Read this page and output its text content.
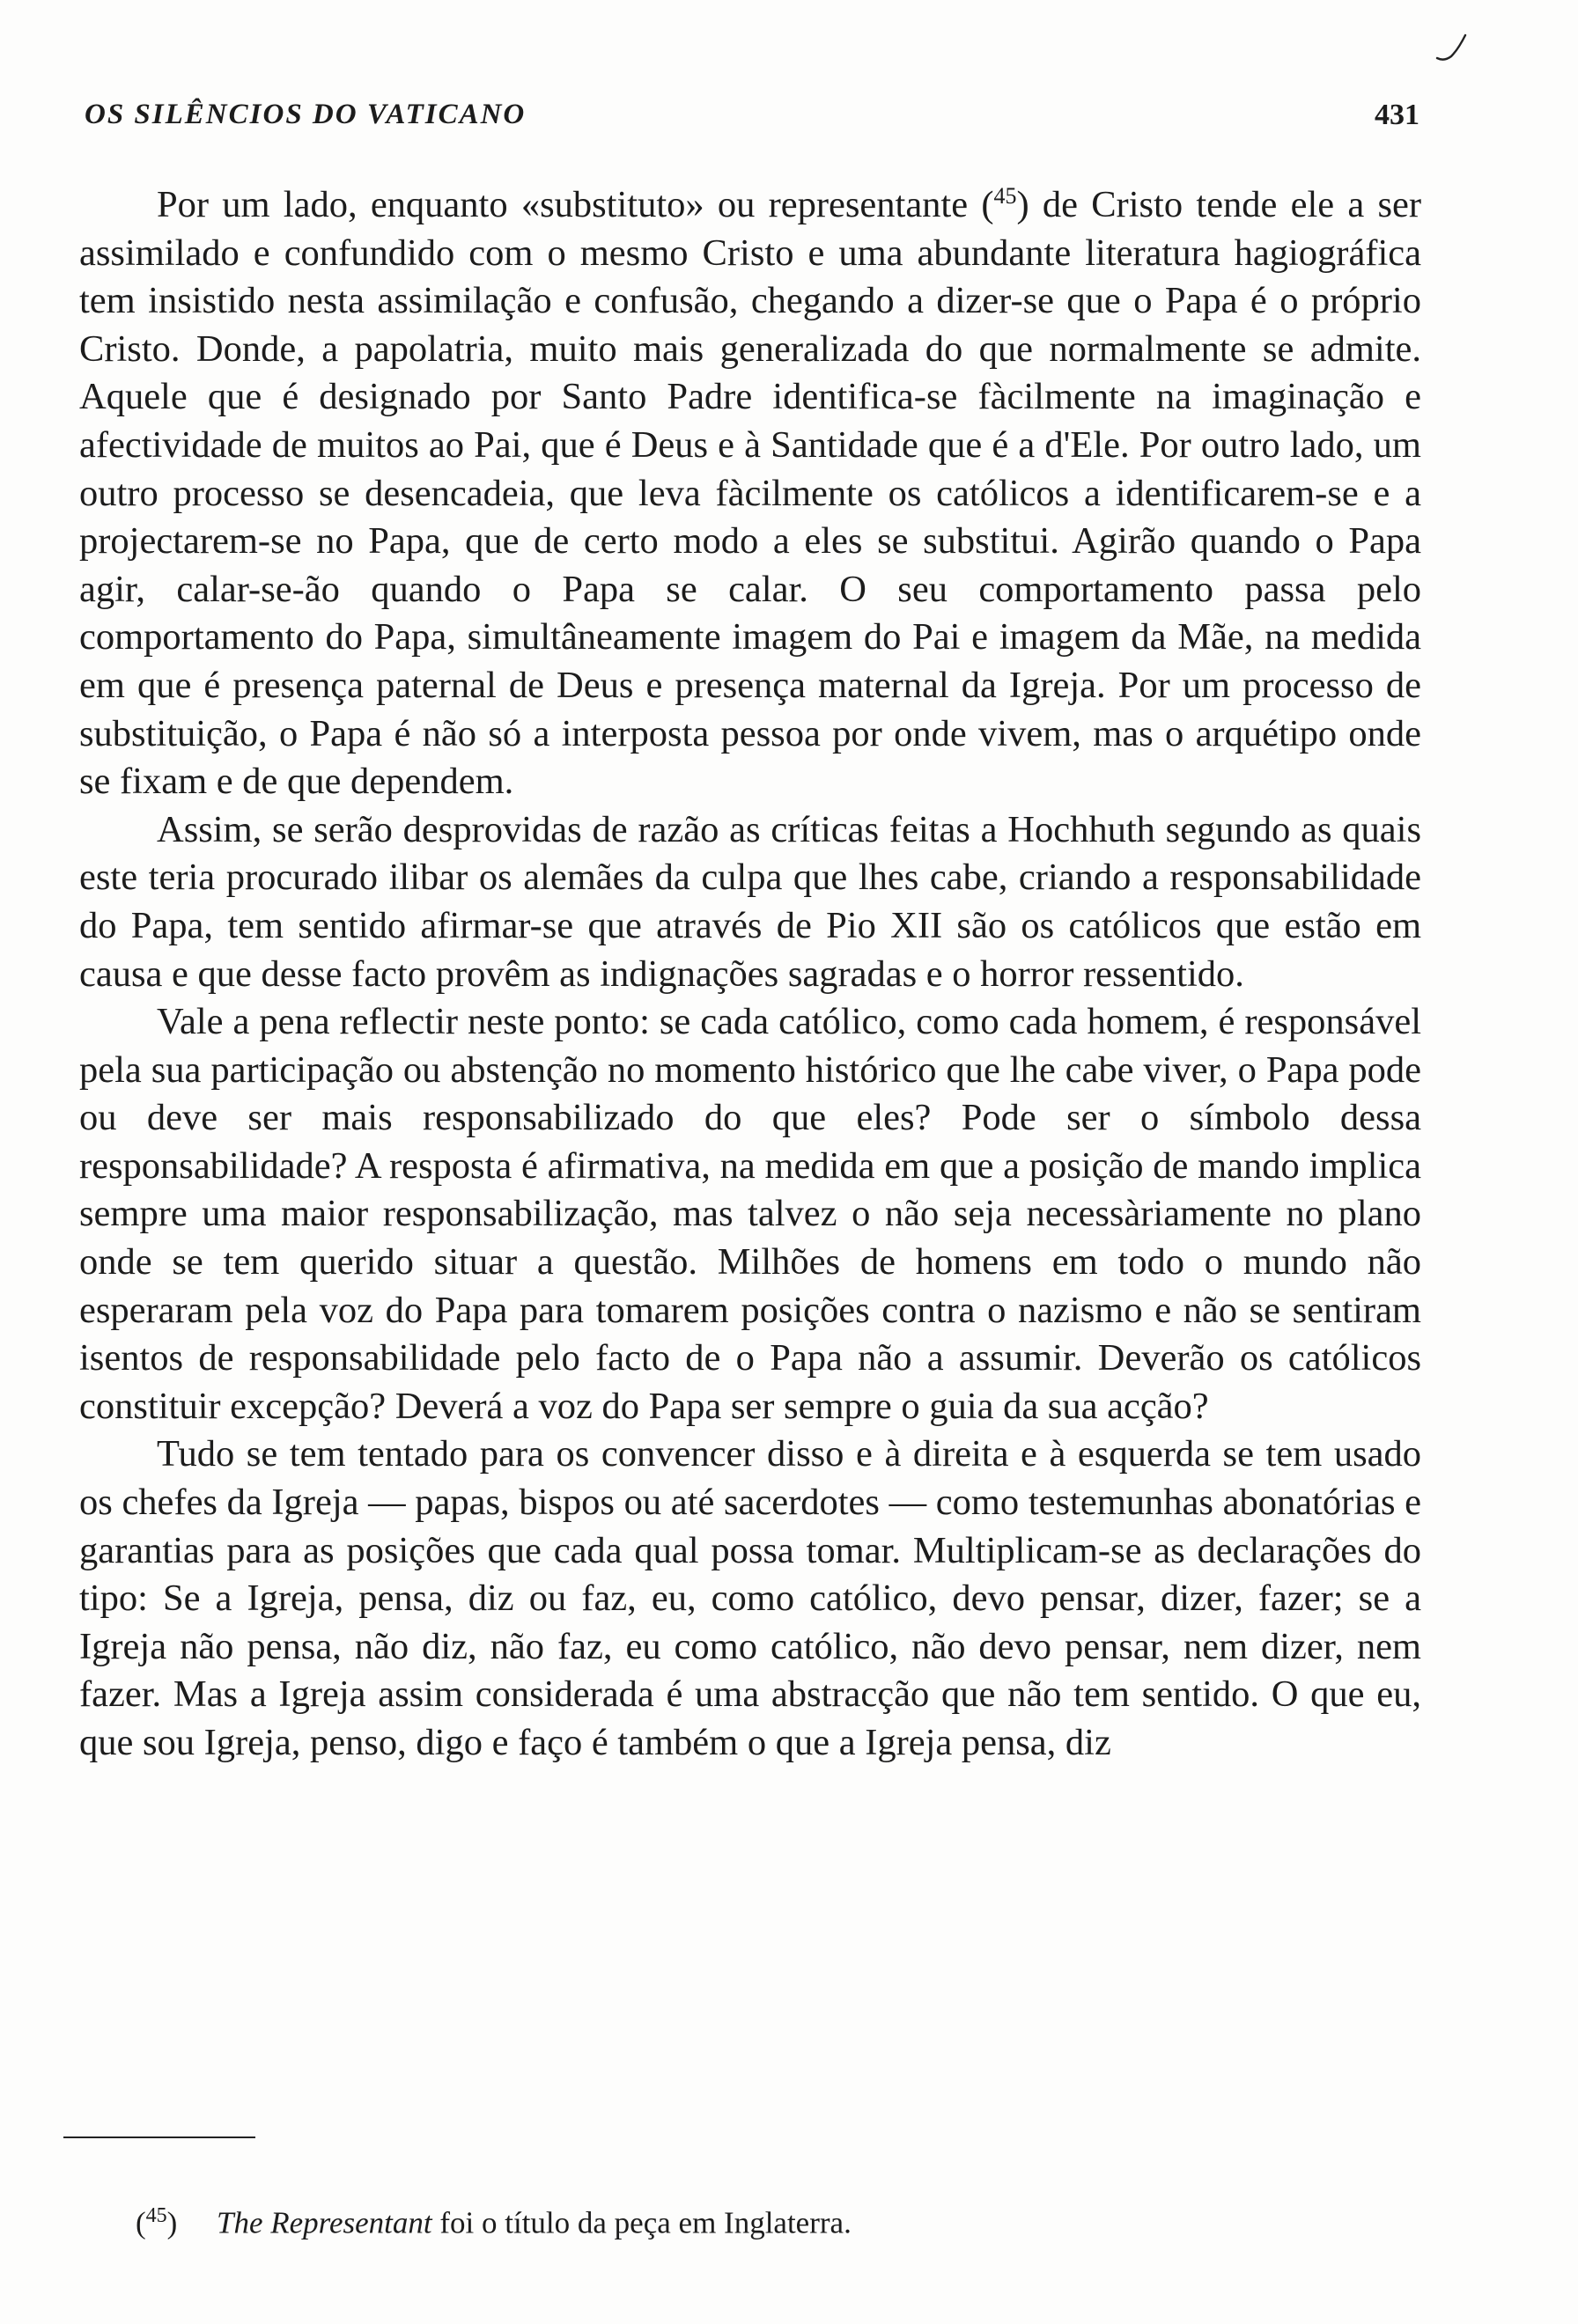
OS SILÊNCIOS DO VATICANO	431

Por um lado, enquanto «substituto» ou representante ($^{45}$) de Cristo tende ele a ser assimilado e confundido com o mesmo Cristo e uma abundante literatura hagiográfica tem insistido nesta assimilação e confusão, chegando a dizer-se que o Papa é o próprio Cristo. Donde, a papolatria, muito mais generalizada do que normalmente se admite. Aquele que é designado por Santo Padre identifica-se fàcilmente na imaginação e afectividade de muitos ao Pai, que é Deus e à Santidade que é a d'Ele. Por outro lado, um outro processo se desencadeia, que leva fàcilmente os católicos a identificarem-se e a projectarem-se no Papa, que de certo modo a eles se substitui. Agirão quando o Papa agir, calar-se-ão quando o Papa se calar. O seu comportamento passa pelo comportamento do Papa, simultâneamente imagem do Pai e imagem da Mãe, na medida em que é presença paternal de Deus e presença maternal da Igreja. Por um processo de substituição, o Papa é não só a interposta pessoa por onde vivem, mas o arquétipo onde se fixam e de que dependem.

Assim, se serão desprovidas de razão as críticas feitas a Hochhuth segundo as quais este teria procurado ilibar os alemães da culpa que lhes cabe, criando a responsabilidade do Papa, tem sentido afirmar-se que através de Pio XII são os católicos que estão em causa e que desse facto provêm as indignações sagradas e o horror ressentido.

Vale a pena reflectir neste ponto: se cada católico, como cada homem, é responsável pela sua participação ou abstenção no momento histórico que lhe cabe viver, o Papa pode ou deve ser mais responsabilizado do que eles? Pode ser o símbolo dessa responsabilidade? A resposta é afirmativa, na medida em que a posição de mando implica sempre uma maior responsabilização, mas talvez o não seja necessàriamente no plano onde se tem querido situar a questão. Milhões de homens em todo o mundo não esperaram pela voz do Papa para tomarem posições contra o nazismo e não se sentiram isentos de responsabilidade pelo facto de o Papa não a assumir. Deverão os católicos constituir excepção? Deverá a voz do Papa ser sempre o guia da sua acção?

Tudo se tem tentado para os convencer disso e à direita e à esquerda se tem usado os chefes da Igreja — papas, bispos ou até sacerdotes — como testemunhas abonatórias e garantias para as posições que cada qual possa tomar. Multiplicam-se as declarações do tipo: Se a Igreja, pensa, diz ou faz, eu, como católico, devo pensar, dizer, fazer; se a Igreja não pensa, não diz, não faz, eu como católico, não devo pensar, nem dizer, nem fazer. Mas a Igreja assim considerada é uma abstracção que não tem sentido. O que eu, que sou Igreja, penso, digo e faço é também o que a Igreja pensa, diz

($^{45}$) The Representant foi o título da peça em Inglaterra.
